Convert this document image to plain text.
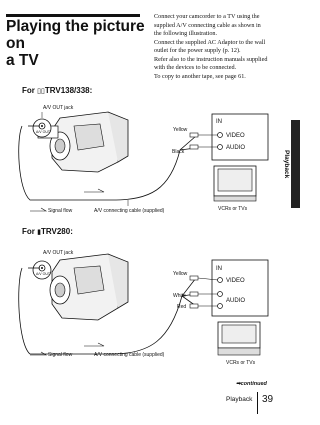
Playing the picture on
a TV

Connect your camcorder to a TV using the

supplied A/V connecting cable as shown in

the following illustration.

Connect the supplied AC Adaptor to the wall

outlet for the power supply (p. 12).

Refer also to the instruction manuals supplied

with the devices to be connected.

To copy to another tape, see page 61.

Playback
For ▯▯TRV138/338:
A/V OUT jack
A/V OUT	Yellow
Black
IN
VIDEO
AUDIO
VCRs or TVs
Signal flow	A/V connecting cable (supplied)
For ▮TRV280:
A/V OUT jack
A/V OUT	Yellow
White
Red
IN
VIDEO
AUDIO
VCRs or TVs
Signal flow	A/V connecting cable (supplied)
➡continued
Playback 39
